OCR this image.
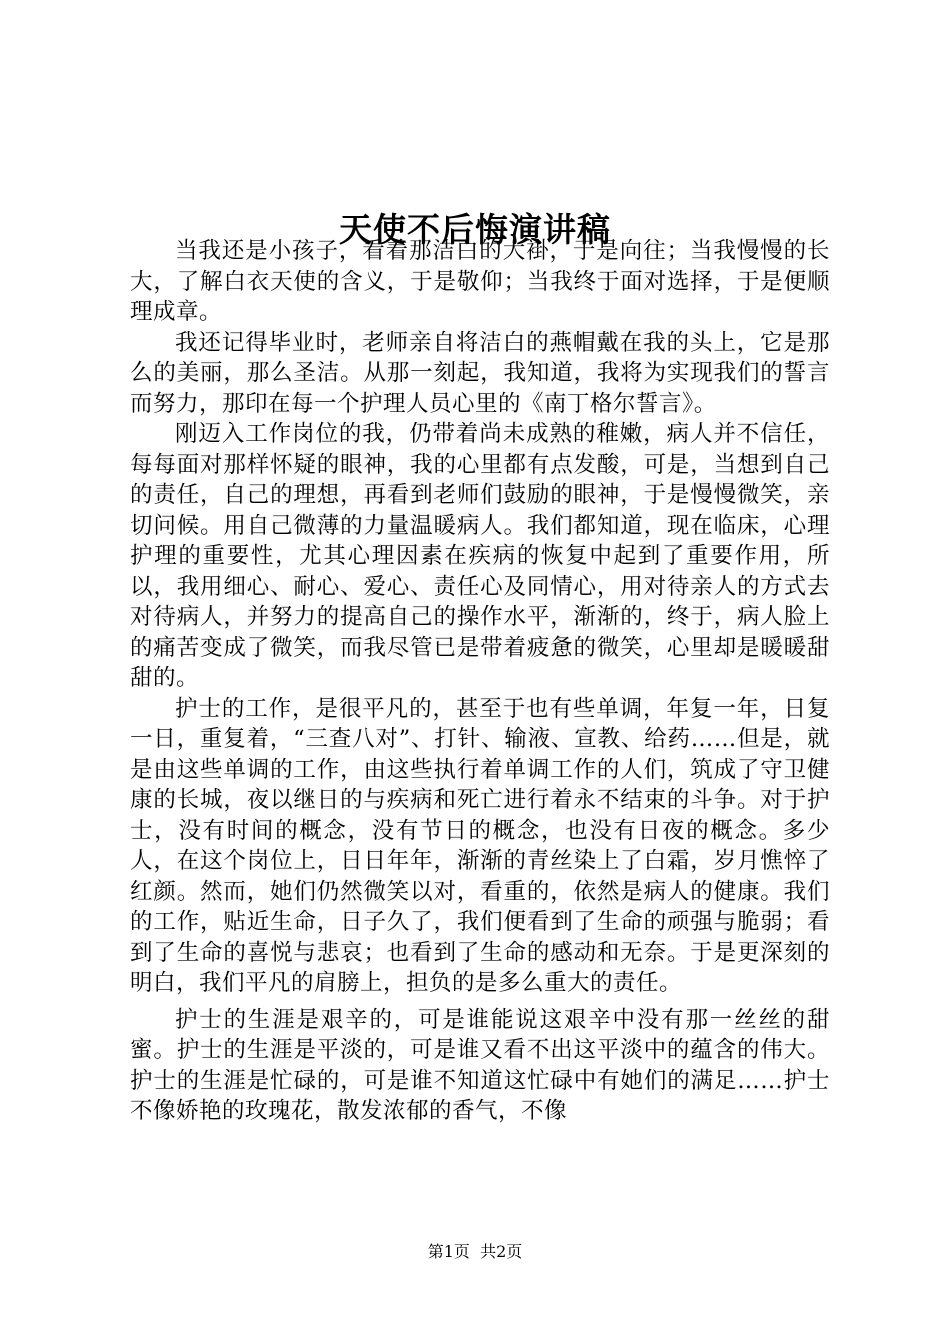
天使不后悔演讲稿

当我还是小孩子，看着那洁白的大褂，于是向往；当我慢慢的长大，了解白衣天使的含义，于是敬仰；当我终于面对选择，于是便顺理成章。

我还记得毕业时，老师亲自将洁白的燕帽戴在我的头上，它是那么的美丽，那么圣洁。从那一刻起，我知道，我将为实现我们的誓言而努力，那印在每一个护理人员心里的《南丁格尔誓言》。

刚迈入工作岗位的我，仍带着尚未成熟的稚嫩，病人并不信任，每每面对那样怀疑的眼神，我的心里都有点发酸，可是，当想到自己的责任，自己的理想，再看到老师们鼓励的眼神，于是慢慢微笑，亲切问候。用自己微薄的力量温暖病人。我们都知道，现在临床，心理护理的重要性，尤其心理因素在疾病的恢复中起到了重要作用，所以，我用细心、耐心、爱心、责任心及同情心，用对待亲人的方式去对待病人，并努力的提高自己的操作水平，渐渐的，终于，病人脸上的痛苦变成了微笑，而我尽管已是带着疲惫的微笑，心里却是暖暖甜甜的。

护士的工作，是很平凡的，甚至于也有些单调，年复一年，日复一日，重复着，“三查八对”、打针、输液、宣教、给药……但是，就是由这些单调的工作，由这些执行着单调工作的人们，筑成了守卫健康的长城，夜以继日的与疾病和死亡进行着永不结束的斗争。对于护士，没有时间的概念，没有节日的概念，也没有日夜的概念。多少人，在这个岗位上，日日年年，渐渐的青丝染上了白霜，岁月憔悴了红颜。然而，她们仍然微笑以对，看重的，依然是病人的健康。我们的工作，贴近生命，日子久了，我们便看到了生命的顽强与脆弱；看到了生命的喜悦与悲哀；也看到了生命的感动和无奈。于是更深刻的明白，我们平凡的肩膀上，担负的是多么重大的责任。

护士的生涯是艰辛的，可是谁能说这艰辛中没有那一丝丝的甜蜜。护士的生涯是平淡的，可是谁又看不出这平淡中的蕴含的伟大。护士的生涯是忙碌的，可是谁不知道这忙碌中有她们的满足……护士不像娇艳的玫瑰花，散发浓郁的香气，不像

第1页  共2页
